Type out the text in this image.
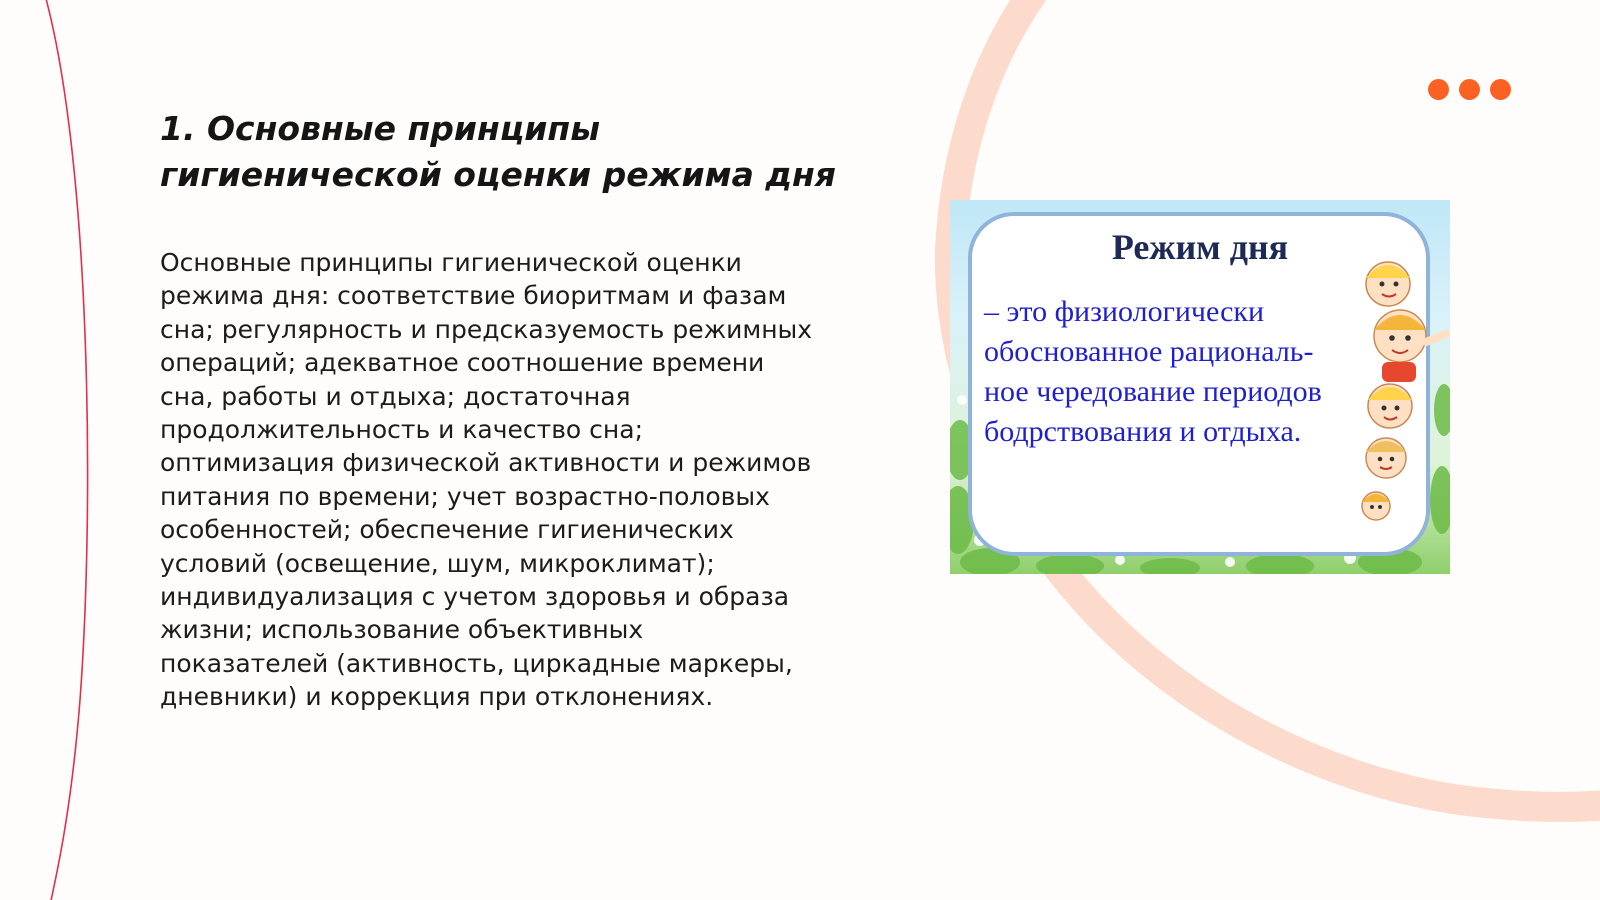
1. Основные принципы
гигиенической оценки режима дня

Основные принципы гигиенической оценки
режима дня: соответствие биоритмам и фазам
сна; регулярность и предсказуемость режимных
операций; адекватное соотношение времени
сна, работы и отдыха; достаточная
продолжительность и качество сна;
оптимизация физической активности и режимов
питания по времени; учет возрастно-половых
особенностей; обеспечение гигиенических
условий (освещение, шум, микроклимат);
индивидуализация с учетом здоровья и образа
жизни; использование объективных
показателей (активность, циркадные маркеры,
дневники) и коррекция при отклонениях.

Режим дня

– это физиологически
обоснованное рациональ-
ное чередование периодов
бодрствования и отдыха.
